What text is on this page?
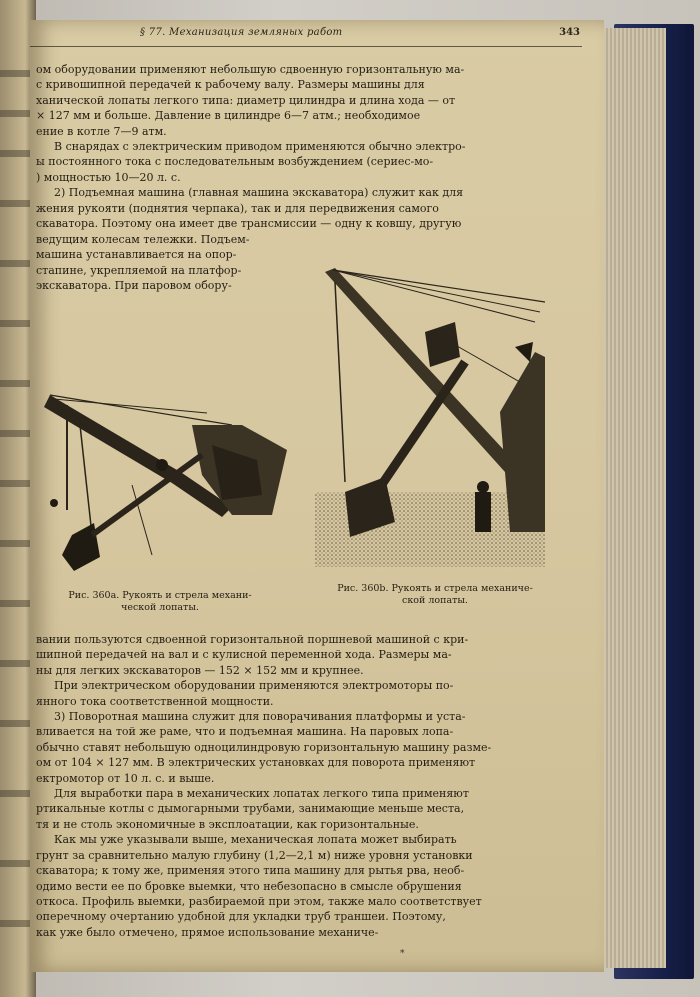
§ 77. Механизация земляных работ	343

ом оборудовании применяют небольшую сдвоенную горизонтальную ма-

с кривошипной передачей к рабочему валу. Размеры машины для

ханической лопаты легкого типа: диаметр цилиндра и длина хода — от

× 127 мм и больше. Давление в цилиндре 6—7 атм.; необходимое

ение в котле 7—9 атм.

В снарядах с электрическим приводом применяются обычно электро-

ы постоянного тока с последовательным возбуждением (сериес-мо-

) мощностью 10—20 л. с.

2) Подъемная машина (главная машина экскаватора) служит как для

жения рукояти (поднятия черпака), так и для передвижения самого

скаватора. Поэтому она имеет две трансмиссии — одну к ковшу, другую

ведущим колесам тележки. Подъем-

машина устанавливается на опор-

стапине, укрепляемой на платфор-

экскаватора. При паровом обору-

Рис. 360а. Рукоять и стрела механи-
ческой лопаты.
Рис. 360b. Рукоять и стрела механиче-
ской лопаты.

вании пользуются сдвоенной горизонтальной поршневой машиной с кри-

шипной передачей на вал и с кулисной переменной хода. Размеры ма-

ны для легких экскаваторов — 152 × 152 мм и крупнее.

При электрическом оборудовании применяются электромоторы по-

янного тока соответственной мощности.

3) Поворотная машина служит для поворачивания платформы и уста-

вливается на той же раме, что и подъемная машина. На паровых лопа-

обычно ставят небольшую одноцилиндровую горизонтальную машину разме-

ом от 104 × 127 мм. В электрических установках для поворота применяют

ектромотор от 10 л. с. и выше.

Для выработки пара в механических лопатах легкого типа применяют

ртикальные котлы с дымогарными трубами, занимающие меньше места,

тя и не столь экономичные в эксплоатации, как горизонтальные.

Как мы уже указывали выше, механическая лопата может выбирать

грунт за сравнительно малую глубину (1,2—2,1 м) ниже уровня установки

скаватора; к тому же, применяя этого типа машину для рытья рва, необ-

одимо вести ее по бровке выемки, что небезопасно в смысле обрушения

откоса. Профиль выемки, разбираемой при этом, также мало соответствует

оперечному очертанию удобной для укладки труб траншеи. Поэтому,

как уже было отмечено, прямое использование механиче-

*
